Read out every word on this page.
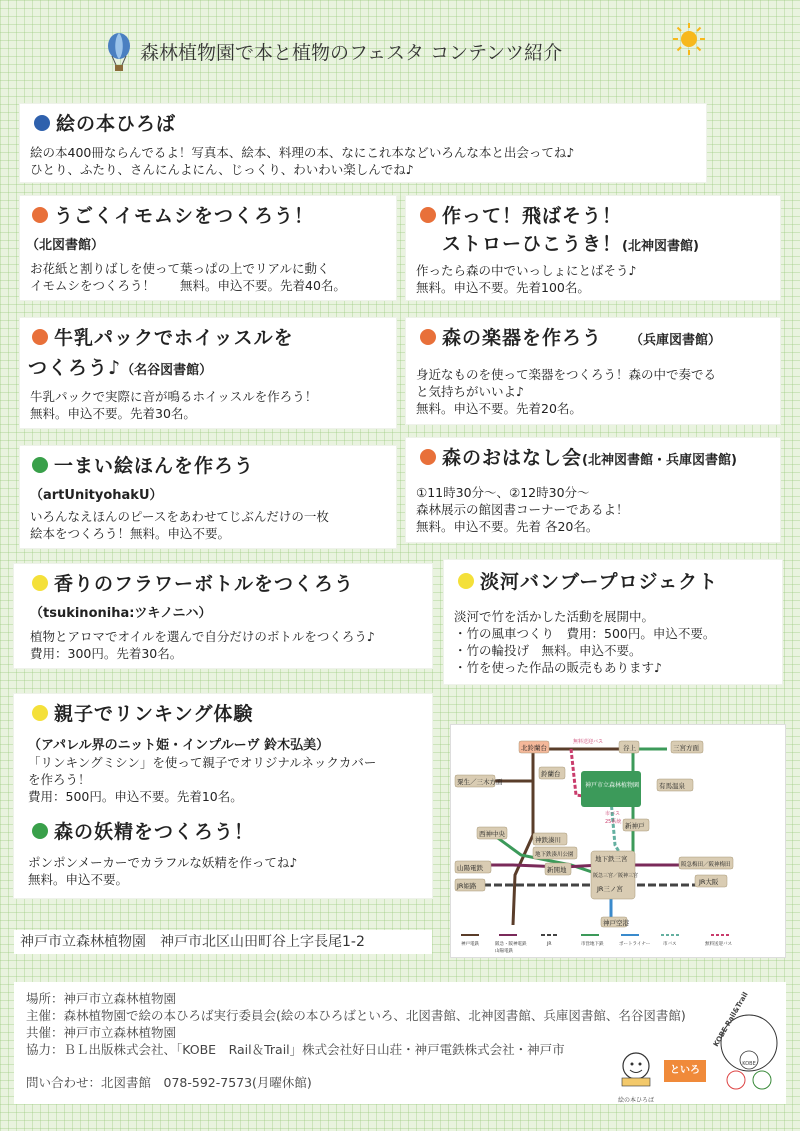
森林植物園で本と植物のフェスタ コンテンツ紹介
絵の本ひろば
絵の本400冊ならんでるよ！写真本、絵本、料理の本、なにこれ本などいろんな本と出会ってね♪
ひとり、ふたり、さんにんよにん、じっくり、わいわい楽しんでね♪
うごくイモムシをつくろう！
（北図書館）
お花紙と割りばしを使って葉っぱの上でリアルに動く
イモムシをつくろう！　　無料。申込不要。先着40名。
作って！飛ばそう！
ストローひこうき！(北神図書館)
作ったら森の中でいっしょにとばそう♪
無料。申込不要。先着100名。
牛乳パックでホイッスルを
つくろう♪（名谷図書館）
牛乳パックで実際に音が鳴るホイッスルを作ろう！
無料。申込不要。先着30名。
森の楽器を作ろう （兵庫図書館）
身近なものを使って楽器をつくろう！森の中で奏でる
と気持ちがいいよ♪
無料。申込不要。先着20名。
一まい絵ほんを作ろう
（artUnityohakU）
いろんなえほんのピースをあわせてじぶんだけの一枚
絵本をつくろう！無料。申込不要。
森のおはなし会(北神図書館・兵庫図書館)
①11時30分～、②12時30分～
森林展示の館図書コーナーであるよ！
無料。申込不要。先着 各20名。
香りのフラワーボトルをつくろう
（tsukinoniha:ツキノニハ）
植物とアロマでオイルを選んで自分だけのボトルをつくろう♪
費用：300円。先着30名。
淡河バンブープロジェクト
淡河で竹を活かした活動を展開中。
・竹の風車つくり　費用：500円。申込不要。
・竹の輪投げ　無料。申込不要。
・竹を使った作品の販売もあります♪
親子でリンキング体験
（アパレル界のニット姫・インプルーヴ 鈴木弘美）
「リンキングミシン」を使って親子でオリジナルネックカバー
を作ろう！
費用：500円。申込不要。先着10名。
森の妖精をつくろう！
ポンポンメーカーでカラフルな妖精を作ってね♪
無料。申込不要。
神戸市立森林植物園　神戸市北区山田町谷上字長尾1-2
北鈴蘭台	谷上	三宮方面
鈴蘭台
神戸市立森林植物園	有馬温泉
粟生／三木方面
西神中央
新神戸
神鉄湊川
地下鉄湊川公園
山陽電鉄	新開地
地下鉄三宮
阪急三宮／阪神三宮
JR三ノ宮
阪急梅田／阪神梅田
JR大阪
JR姫路
神戸空港
無料送迎バス
市バス
25系統
神戸電鉄	阪急・阪神電鉄
山陽電鉄
JR	市営地下鉄	ポートライナー	市バス	無料送迎バス
場所：神戸市立森林植物園
主催：森林植物園で絵の本ひろば実行委員会(絵の本ひろばといろ、北図書館、北神図書館、兵庫図書館、名谷図書館)
共催：神戸市立森林植物園
協力：ＢＬ出版株式会社、「KOBE　Rail＆Trail」株式会社好日山荘・神戸電鉄株式会社・神戸市
問い合わせ：北図書館　078-592-7573(月曜休館)
絵の本ひろば
といろ
KOBE Rail&Trail
KOBE
